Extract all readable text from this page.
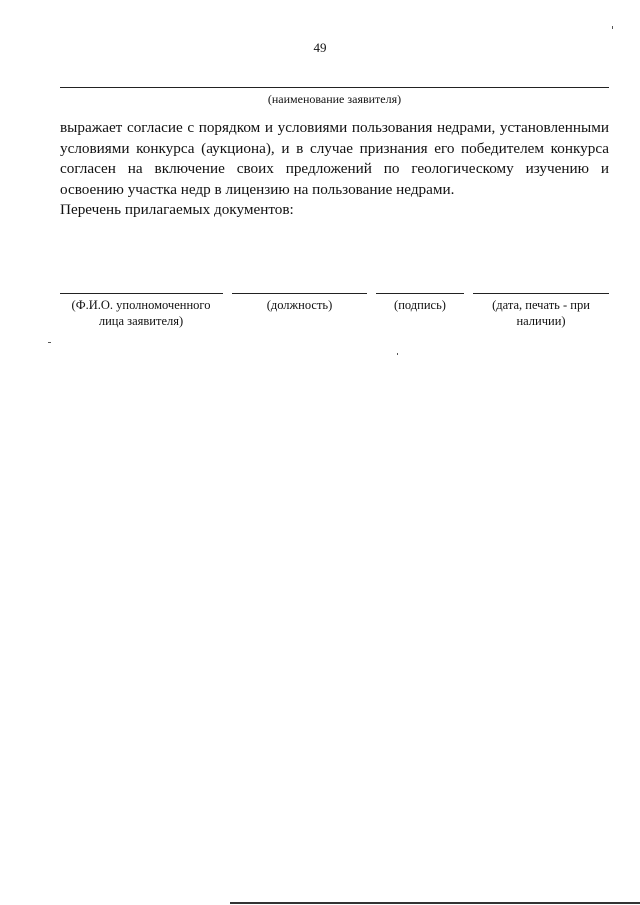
49
(наименование заявителя)

выражает согласие с порядком и условиями пользования недрами, установленными условиями конкурса (аукциона), и в случае признания его победителем конкурса согласен на включение своих предложений по геологическому изучению и освоению участка недр в лицензию на пользование недрами.

Перечень прилагаемых документов:
(Ф.И.О. уполномоченного
лица заявителя)
(должность)	(подпись)	(дата, печать - при
наличии)
